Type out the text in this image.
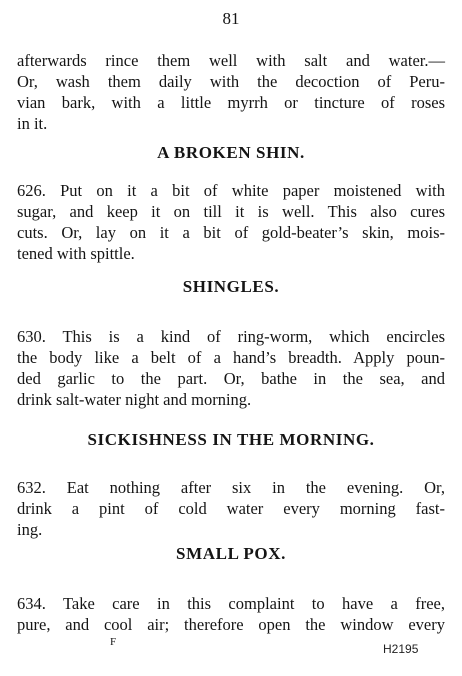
81

afterwards rince them well with salt and water.—
Or, wash them daily with the decoction of Peru-
vian bark, with a little myrrh or tincture of roses
in it.

A BROKEN SHIN.

626. Put on it a bit of white paper moistened with
sugar, and keep it on till it is well. This also cures
cuts. Or, lay on it a bit of gold-beater’s skin, mois-
tened with spittle.

SHINGLES.

630. This is a kind of ring-worm, which encircles
the body like a belt of a hand’s breadth. Apply poun-
ded garlic to the part. Or, bathe in the sea, and
drink salt-water night and morning.

SICKISHNESS IN THE MORNING.

632. Eat nothing after six in the evening. Or,
drink a pint of cold water every morning fast-
ing.

SMALL POX.

634. Take care in this complaint to have a free,
pure, and cool air; therefore open the window every

F	H2195
